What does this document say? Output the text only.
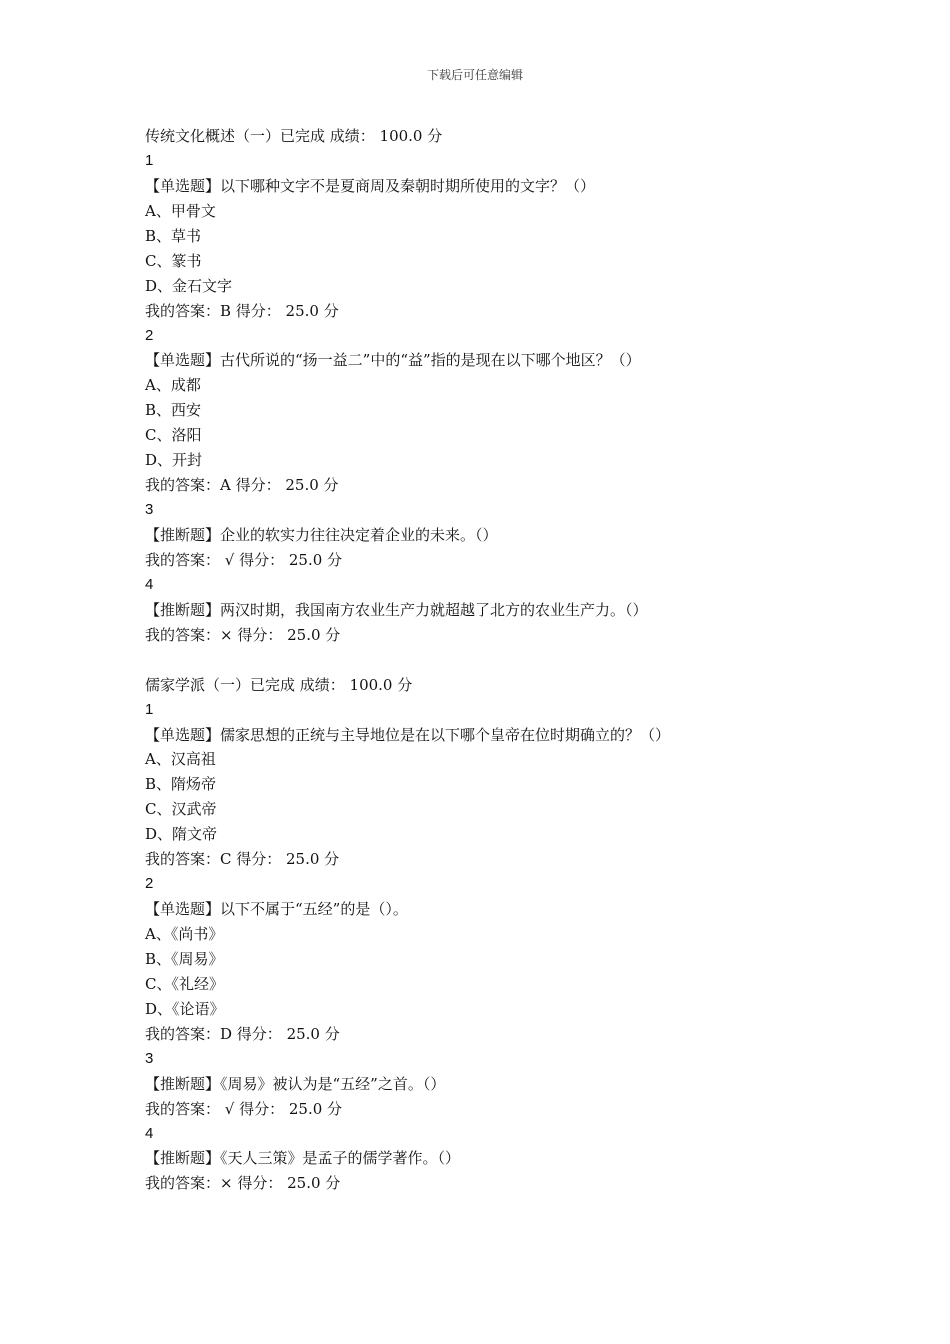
下载后可任意编辑
传统文化概述（一）已完成 成绩： 100.0 分
1
【单选题】以下哪种文字不是夏商周及秦朝时期所使用的文字？（）
A、甲骨文
B、草书
C、篆书
D、金石文字
我的答案：B 得分： 25.0 分
2
【单选题】古代所说的“扬一益二”中的“益”指的是现在以下哪个地区？（）
A、成都
B、西安
C、洛阳
D、开封
我的答案：A 得分： 25.0 分
3
【推断题】企业的软实力往往决定着企业的未来。（）
我的答案： √ 得分： 25.0 分
4
【推断题】两汉时期，我国南方农业生产力就超越了北方的农业生产力。（）
我的答案：× 得分： 25.0 分
儒家学派（一）已完成 成绩： 100.0 分
1
【单选题】儒家思想的正统与主导地位是在以下哪个皇帝在位时期确立的？（）
A、汉高祖
B、隋炀帝
C、汉武帝
D、隋文帝
我的答案：C 得分： 25.0 分
2
【单选题】以下不属于“五经”的是（）。
A、《尚书》
B、《周易》
C、《礼经》
D、《论语》
我的答案：D 得分： 25.0 分
3
【推断题】《周易》被认为是“五经”之首。（）
我的答案： √ 得分： 25.0 分
4
【推断题】《天人三策》是孟子的儒学著作。（）
我的答案：× 得分： 25.0 分
